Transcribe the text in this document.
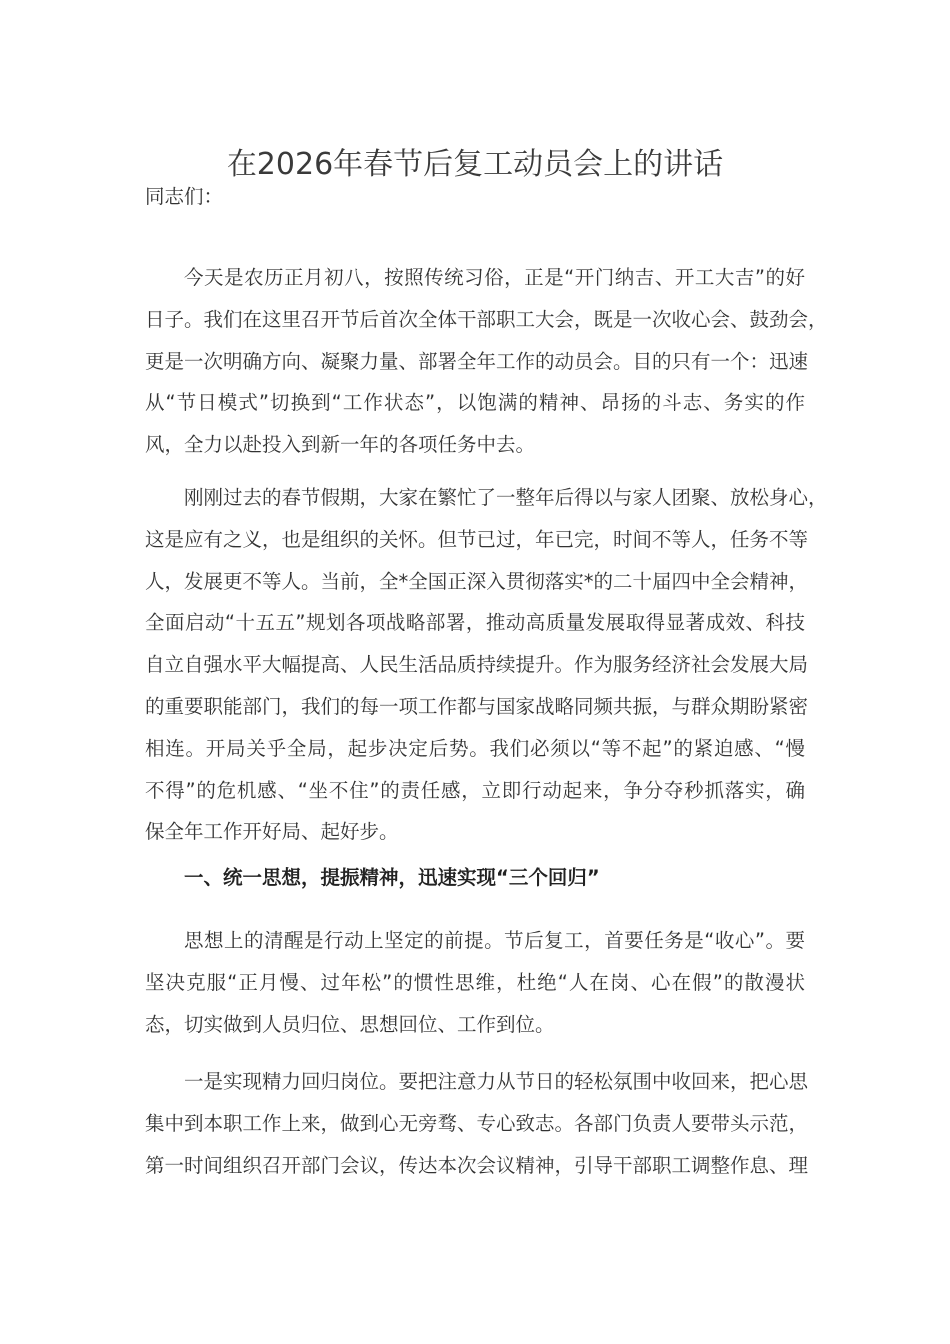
在2026年春节后复工动员会上的讲话
同志们：
今天是农历正月初八，按照传统习俗，正是“开门纳吉、开工大吉”的好
日子。我们在这里召开节后首次全体干部职工大会，既是一次收心会、鼓劲会，
更是一次明确方向、凝聚力量、部署全年工作的动员会。目的只有一个：迅速
从“节日模式”切换到“工作状态”，以饱满的精神、昂扬的斗志、务实的作
风，全力以赴投入到新一年的各项任务中去。
刚刚过去的春节假期，大家在繁忙了一整年后得以与家人团聚、放松身心，
这是应有之义，也是组织的关怀。但节已过，年已完，时间不等人，任务不等
人，发展更不等人。当前，全*全国正深入贯彻落实*的二十届四中全会精神，
全面启动“十五五”规划各项战略部署，推动高质量发展取得显著成效、科技
自立自强水平大幅提高、人民生活品质持续提升。作为服务经济社会发展大局
的重要职能部门，我们的每一项工作都与国家战略同频共振，与群众期盼紧密
相连。开局关乎全局，起步决定后势。我们必须以“等不起”的紧迫感、“慢
不得”的危机感、“坐不住”的责任感，立即行动起来，争分夺秒抓落实，确
保全年工作开好局、起好步。
一、统一思想，提振精神，迅速实现“三个回归”
思想上的清醒是行动上坚定的前提。节后复工，首要任务是“收心”。要
坚决克服“正月慢、过年松”的惯性思维，杜绝“人在岗、心在假”的散漫状
态，切实做到人员归位、思想回位、工作到位。
一是实现精力回归岗位。要把注意力从节日的轻松氛围中收回来，把心思
集中到本职工作上来，做到心无旁骛、专心致志。各部门负责人要带头示范，
第一时间组织召开部门会议，传达本次会议精神，引导干部职工调整作息、理
